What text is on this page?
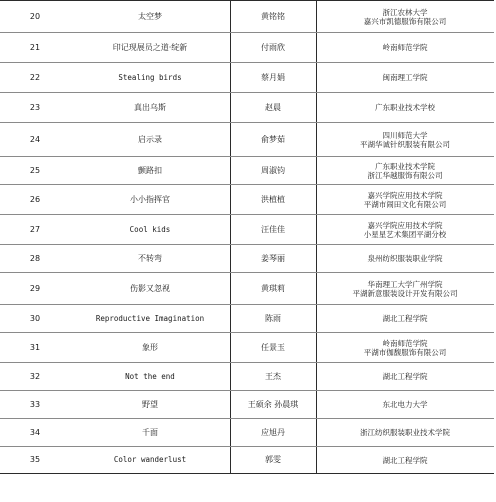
20	太空梦	黄铭铭	浙江农林大学
嘉兴市凯德服饰有限公司
21	印记现展员之道·绽新	付雨欣	岭南师范学院
22	Stealing birds	蔡月娟	闽南理工学院
23	真出乌斯	赵晨	广东职业技术学校
24	启示录	俞梦茹	四川师范大学
平湖华诚针织服装有限公司
25	颤路扣	周淑钧	广东职业技术学院
浙江华越服饰有限公司
26	小小指挥官	洪植植	嘉兴学院应用技术学院
平湖市闹田文化有限公司
27	Cool kids	汪佳佳	嘉兴学院应用技术学院
小星星艺术集团平湖分校
28	不转弯	姜琴丽	泉州纺织服装职业学院
29	伤影又忽视	黄琪莉	华南理工大学广州学院
平湖新意服装设计开发有限公司
30	Reproductive Imagination	陈雨	湖北工程学院
31	象形	任景玉	岭南师范学院
平湖市伽馥服饰有限公司
32	Not the end	王杰	湖北工程学院
33	野望	王硕余 孙晨琪	东北电力大学
34	千面	应旭丹	浙江纺织服装职业技术学院
35	Color wanderlust	郭雯	湖北工程学院
